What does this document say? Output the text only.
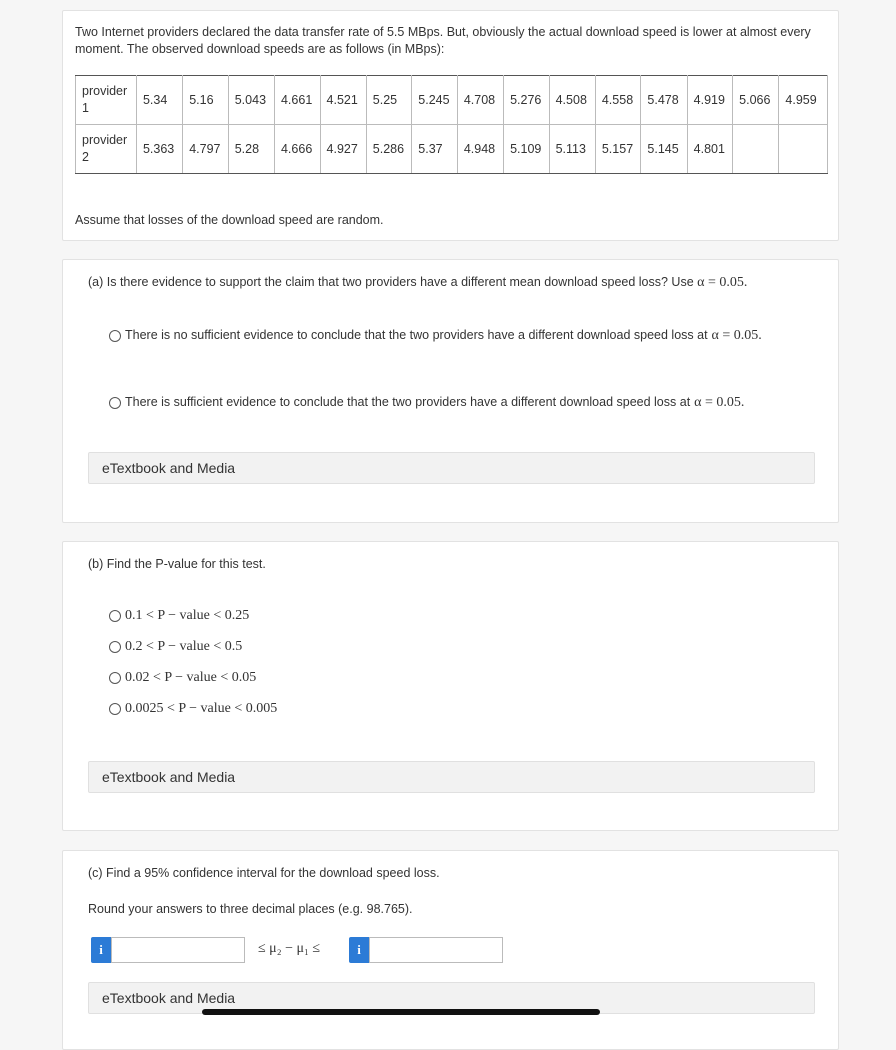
Two Internet providers declared the data transfer rate of 5.5 MBps. But, obviously the actual download speed is lower at almost every
moment. The observed download speeds are as follows (in MBps):
provider 1	5.34	5.16	5.043	4.661	4.521	5.25	5.245	4.708	5.276	4.508	4.558	5.478	4.919	5.066	4.959
provider 2	5.363	4.797	5.28	4.666	4.927	5.286	5.37	4.948	5.109	5.113	5.157	5.145	4.801		
Assume that losses of the download speed are random.
(a) Is there evidence to support the claim that two providers have a different mean download speed loss? Use α = 0.05.
There is no sufficient evidence to conclude that the two providers have a different download speed loss at α = 0.05.
There is sufficient evidence to conclude that the two providers have a different download speed loss at α = 0.05.
eTextbook and Media
(b) Find the P-value for this test.
0.1 < P − value < 0.25
0.2 < P − value < 0.5
0.02 < P − value < 0.05
0.0025 < P − value < 0.005
eTextbook and Media
(c) Find a 95% confidence interval for the download speed loss.
Round your answers to three decimal places (e.g. 98.765).
i	≤ μ₂ − μ₁ ≤	i
eTextbook and Media
